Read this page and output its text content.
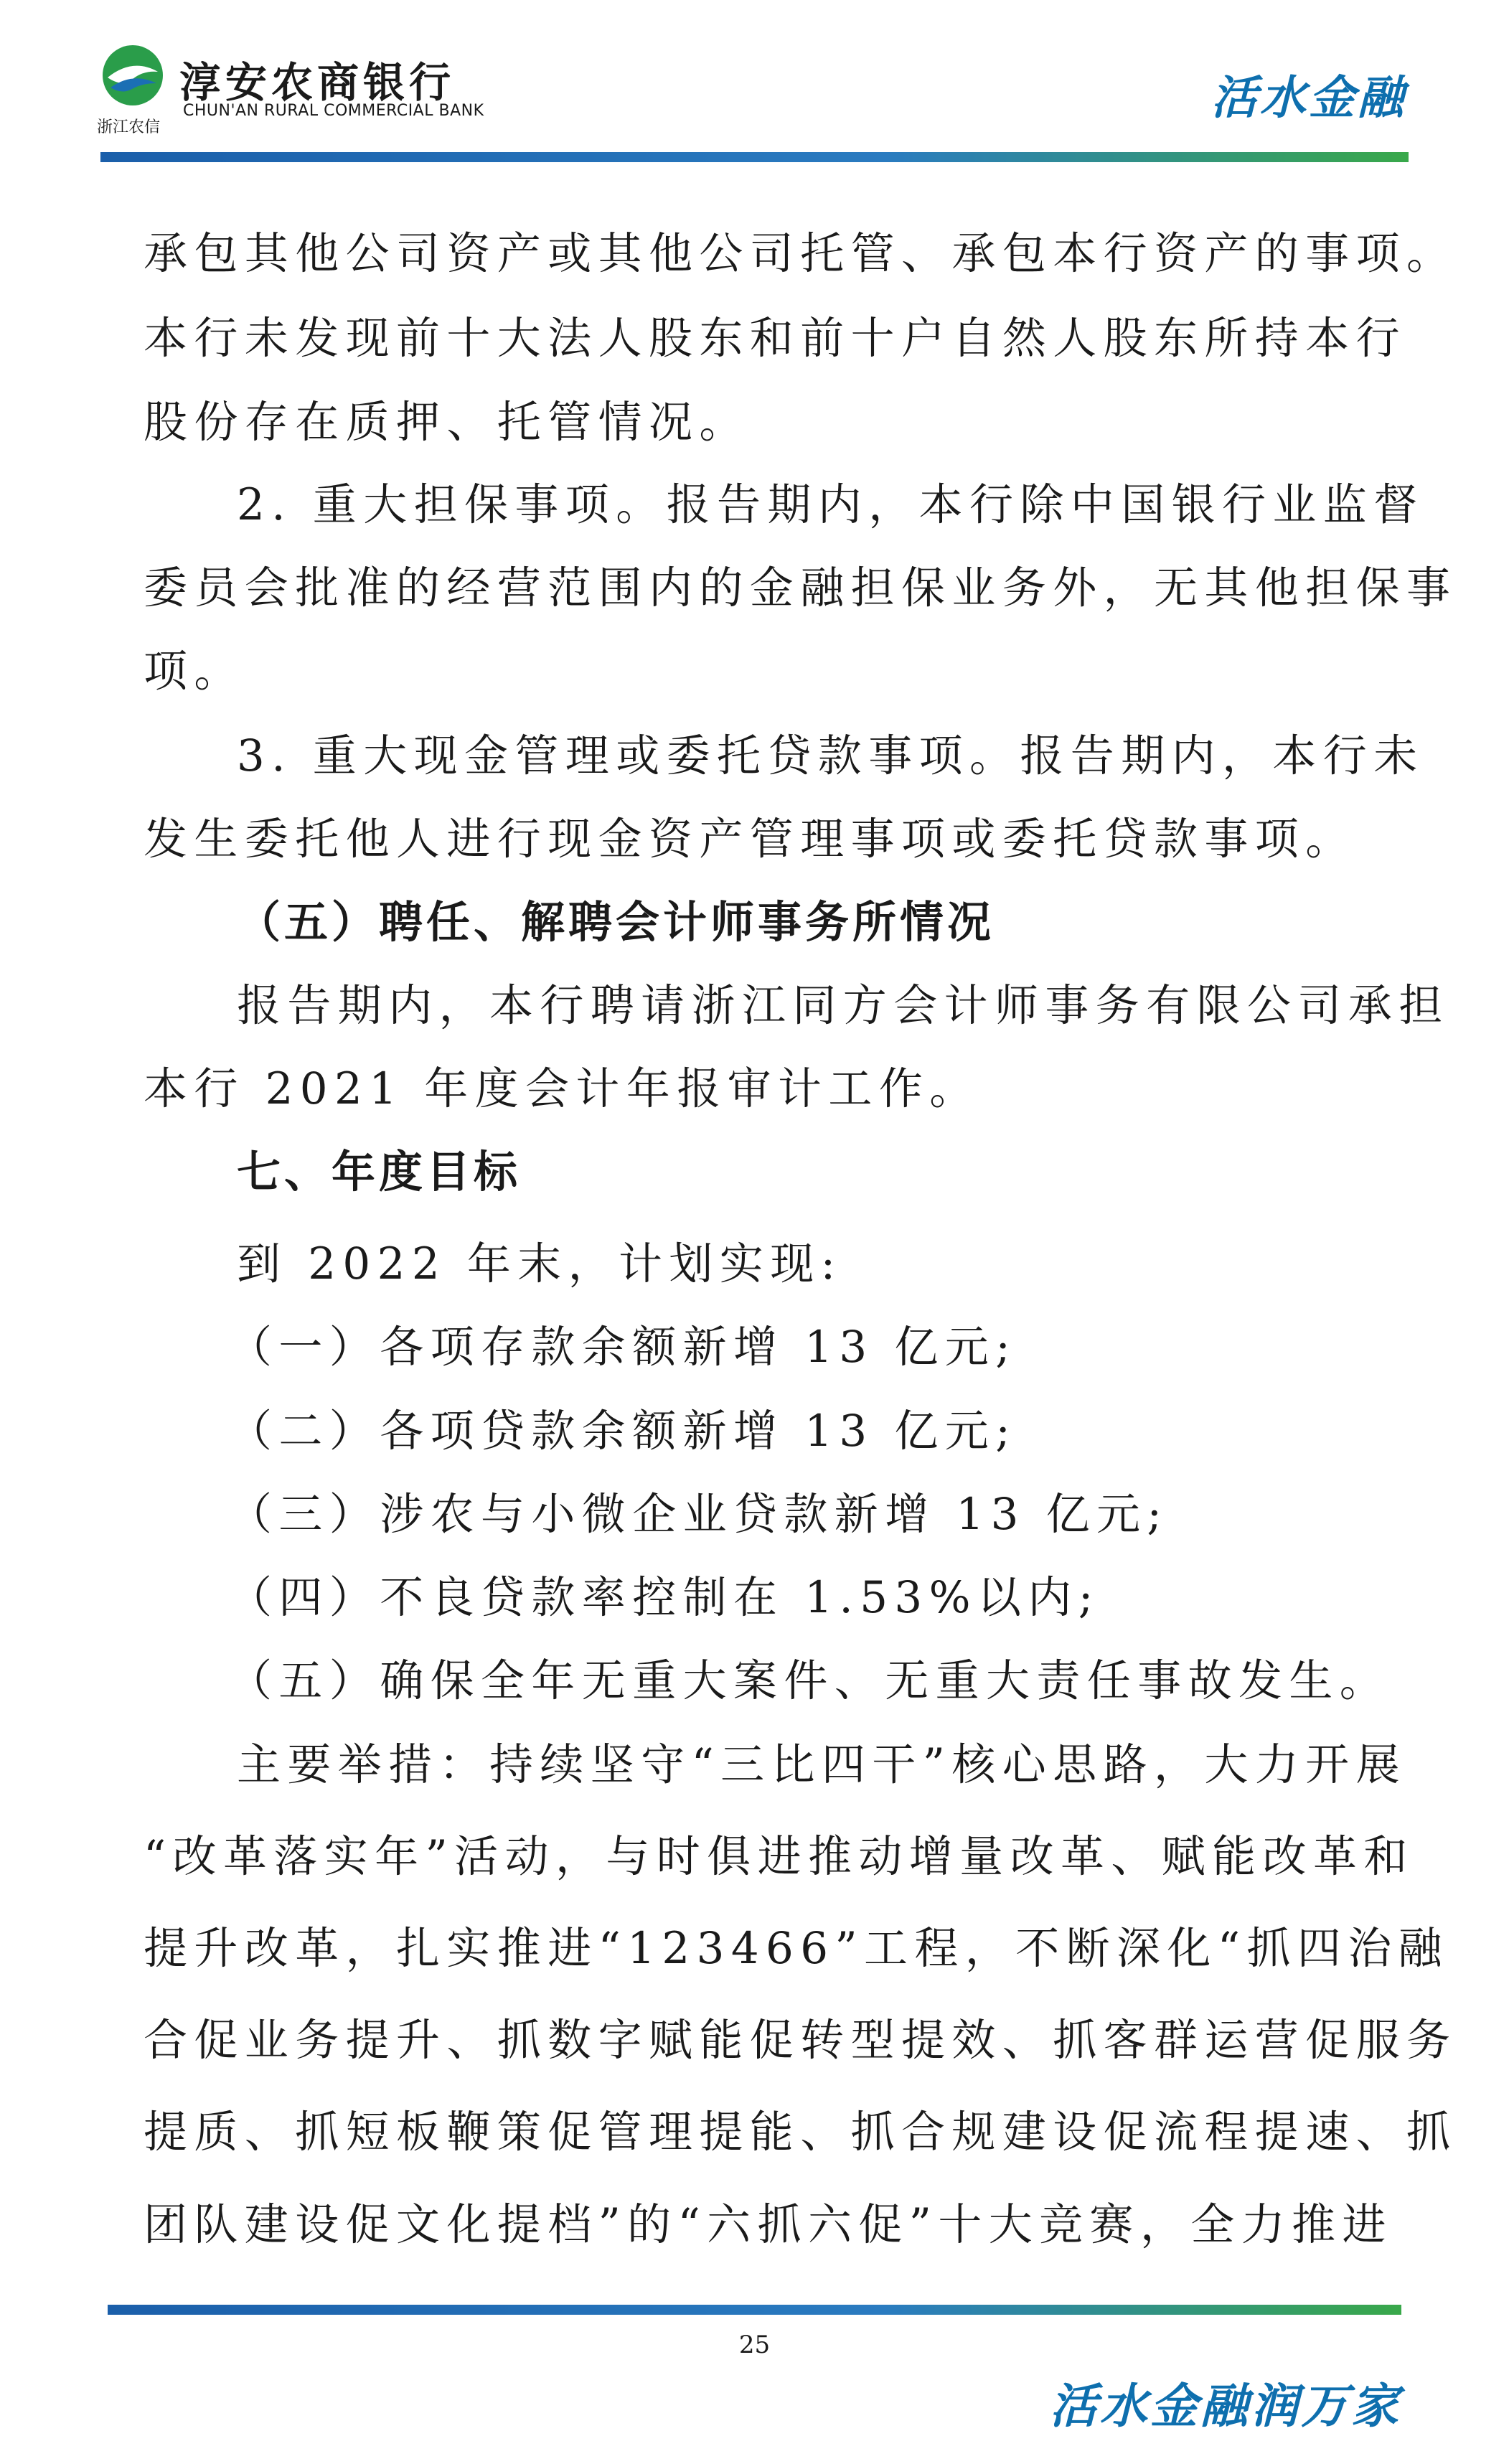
浙江农信
淳安农商银行
CHUN'AN RURAL COMMERCIAL BANK	活水金融
承包其他公司资产或其他公司托管、承包本行资产的事项。
本行未发现前十大法人股东和前十户自然人股东所持本行
股份存在质押、托管情况。
2. 重大担保事项。报告期内，本行除中国银行业监督
委员会批准的经营范围内的金融担保业务外，无其他担保事
项。
3. 重大现金管理或委托贷款事项。报告期内，本行未
发生委托他人进行现金资产管理事项或委托贷款事项。
（五）聘任、解聘会计师事务所情况
报告期内，本行聘请浙江同方会计师事务有限公司承担
本行 2021 年度会计年报审计工作。
七、年度目标
到 2022 年末，计划实现:
（一）各项存款余额新增 13 亿元;
（二）各项贷款余额新增 13 亿元;
（三）涉农与小微企业贷款新增 13 亿元;
（四）不良贷款率控制在 1.53%以内;
（五）确保全年无重大案件、无重大责任事故发生。
主要举措：持续坚守“三比四干”核心思路，大力开展
“改革落实年”活动，与时俱进推动增量改革、赋能改革和
提升改革，扎实推进“123466”工程，不断深化“抓四治融
合促业务提升、抓数字赋能促转型提效、抓客群运营促服务
提质、抓短板鞭策促管理提能、抓合规建设促流程提速、抓
团队建设促文化提档”的“六抓六促”十大竞赛，全力推进
25
活水金融润万家
